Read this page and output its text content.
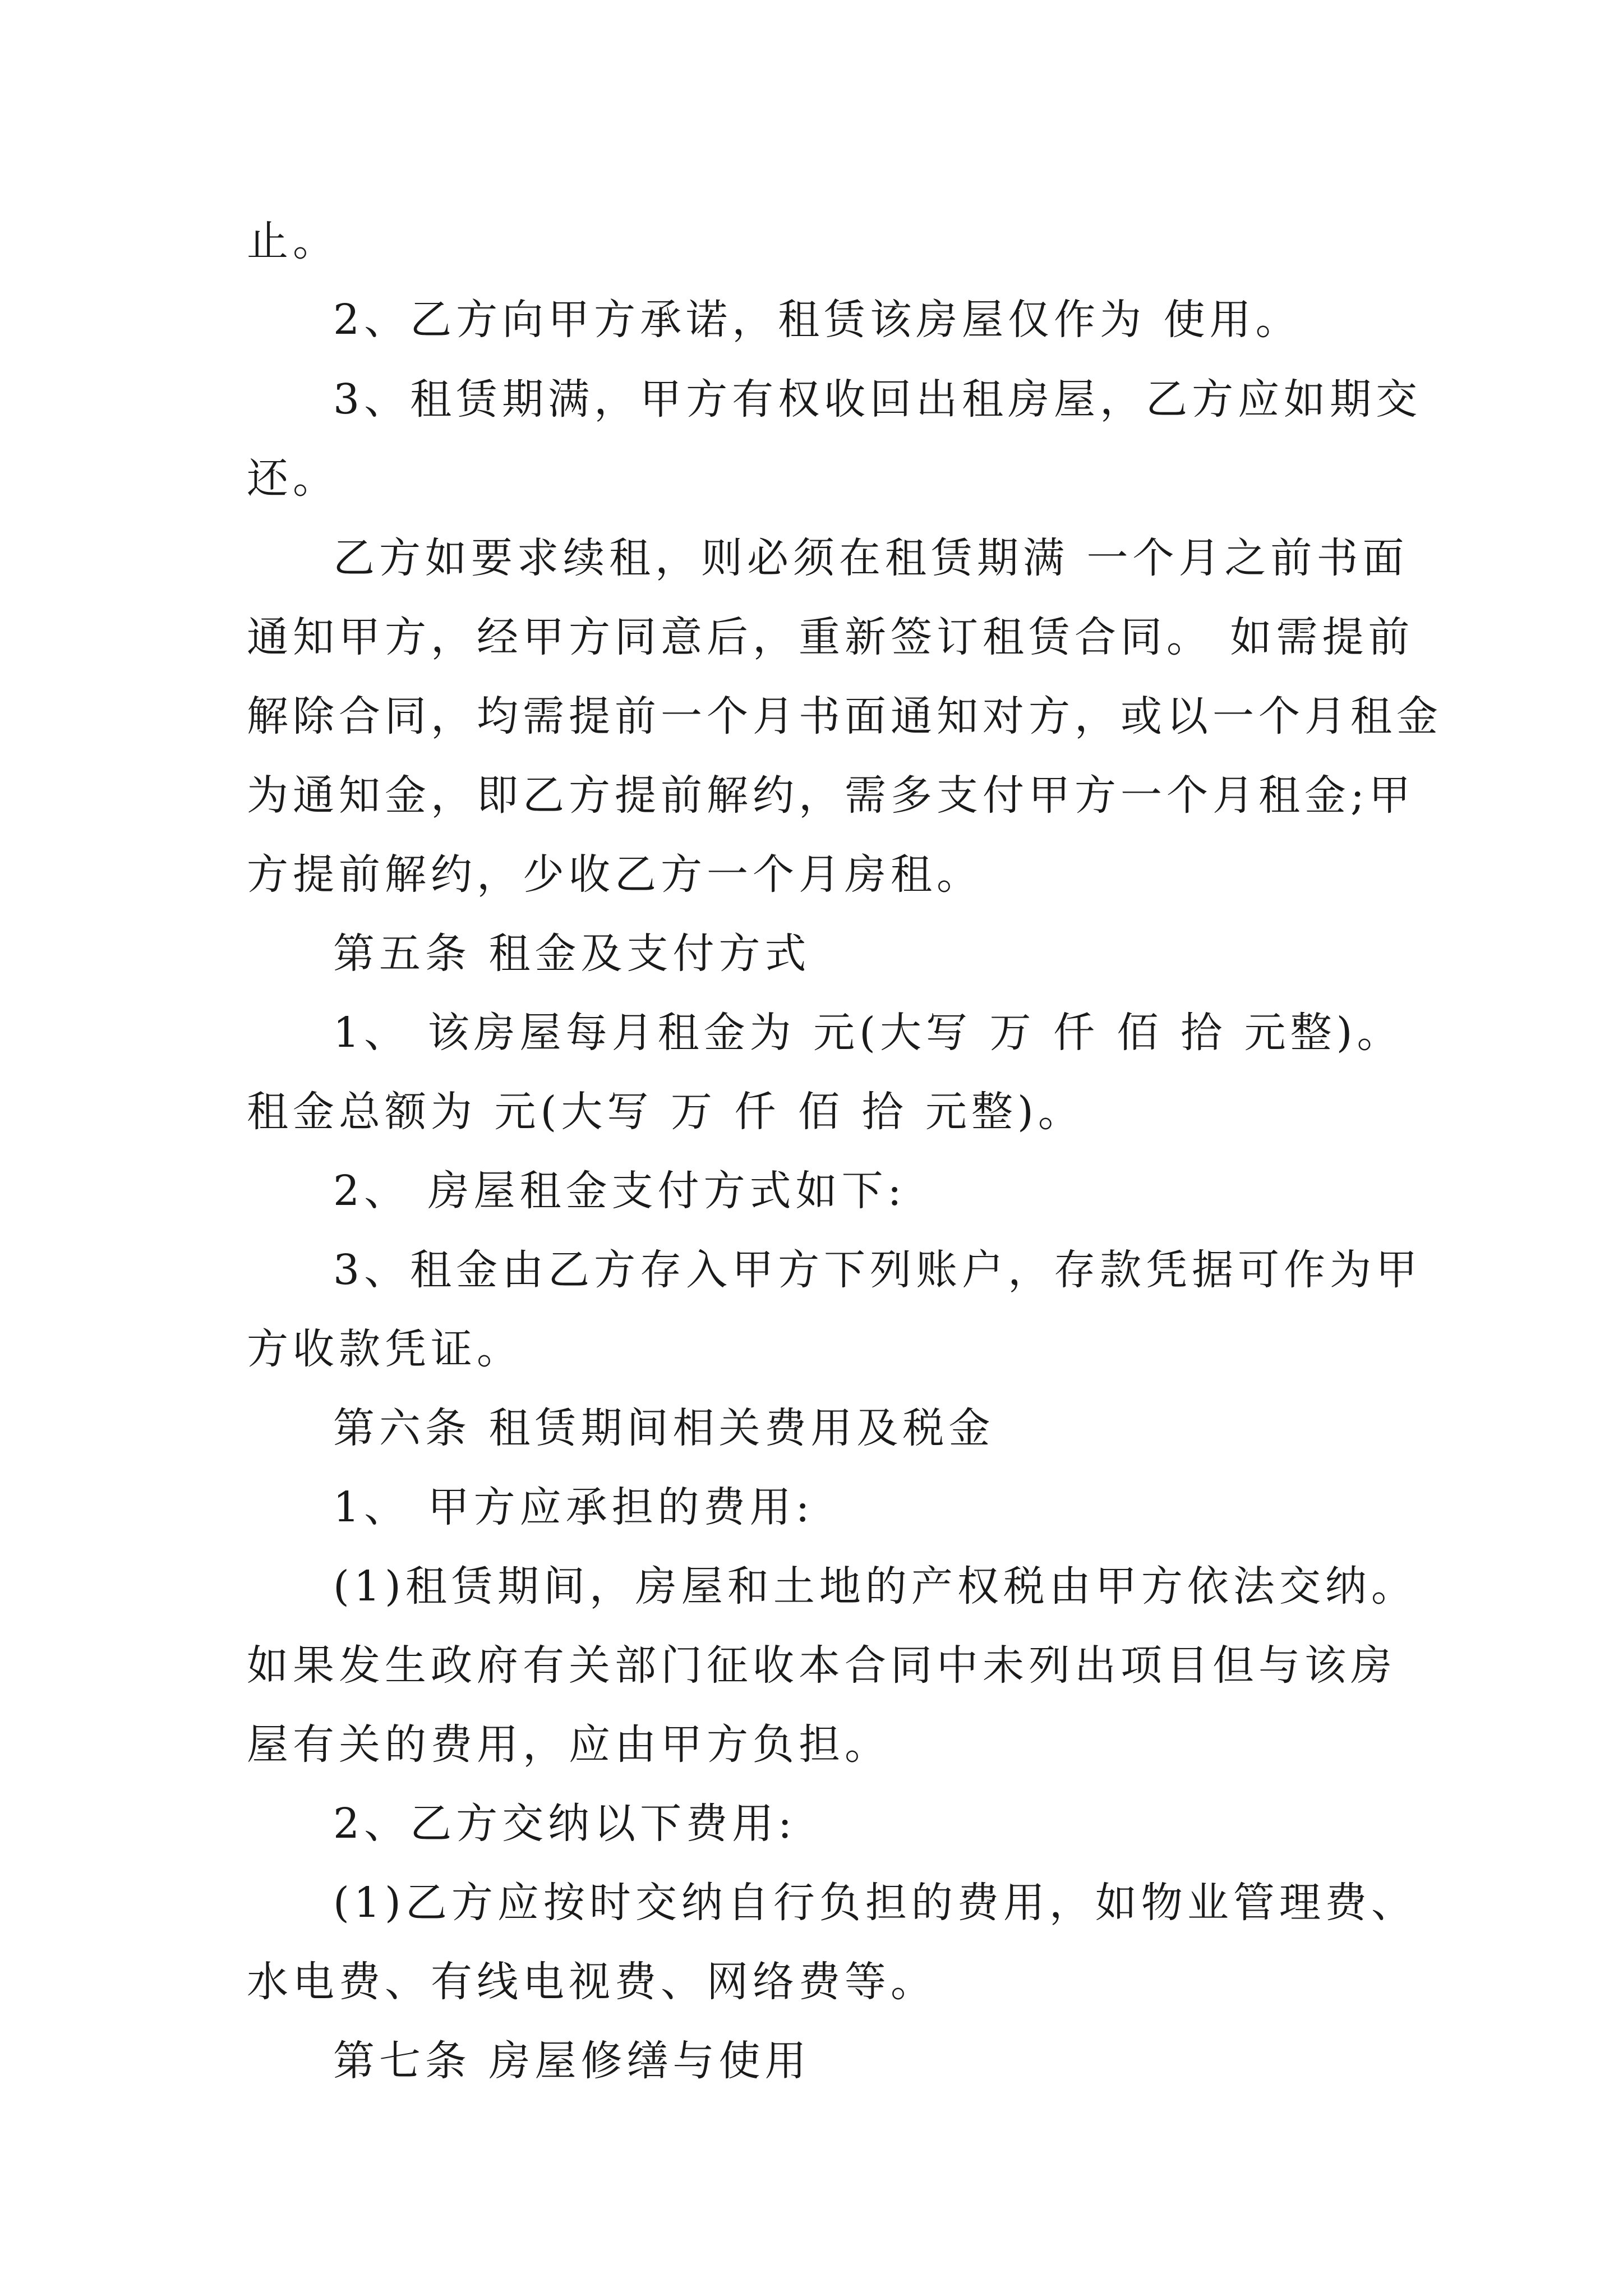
止。
2、乙方向甲方承诺，租赁该房屋仅作为 使用。
3、租赁期满，甲方有权收回出租房屋，乙方应如期交
还。
乙方如要求续租，则必须在租赁期满 一个月之前书面
通知甲方，经甲方同意后，重新签订租赁合同。 如需提前
解除合同，均需提前一个月书面通知对方，或以一个月租金
为通知金，即乙方提前解约，需多支付甲方一个月租金;甲
方提前解约，少收乙方一个月房租。
第五条 租金及支付方式
1、 该房屋每月租金为 元(大写 万 仟 佰 拾 元整)。
租金总额为 元(大写 万 仟 佰 拾 元整)。
2、 房屋租金支付方式如下:
3、租金由乙方存入甲方下列账户，存款凭据可作为甲
方收款凭证。
第六条 租赁期间相关费用及税金
1、 甲方应承担的费用:
(1)租赁期间，房屋和土地的产权税由甲方依法交纳。
如果发生政府有关部门征收本合同中未列出项目但与该房
屋有关的费用，应由甲方负担。
2、乙方交纳以下费用:
(1)乙方应按时交纳自行负担的费用，如物业管理费、
水电费、有线电视费、网络费等。
第七条 房屋修缮与使用
